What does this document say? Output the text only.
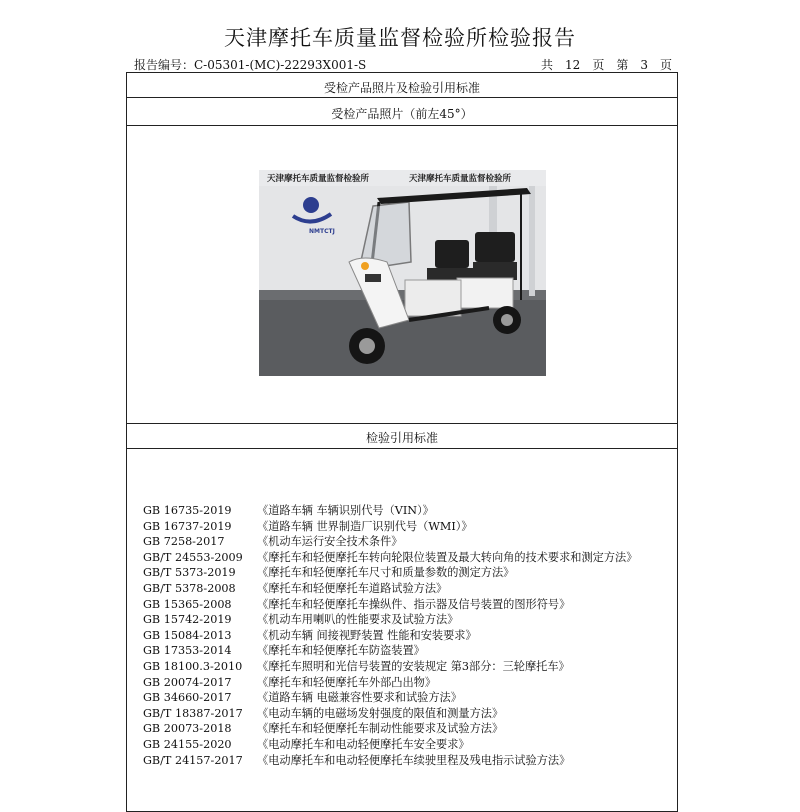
天津摩托车质量监督检验所检验报告
报告编号：C-05301-(MC)-22293X001-S	共 12 页 第 3 页
受检产品照片及检验引用标准
受检产品照片（前左45°）
天津摩托车质量监督检验所	天津摩托车质量监督检验所
NMTCTJ
检验引用标准
GB 16735-2019	《道路车辆 车辆识别代号（VIN）》
GB 16737-2019	《道路车辆 世界制造厂识别代号（WMI）》
GB 7258-2017	《机动车运行安全技术条件》
GB/T 24553-2009	《摩托车和轻便摩托车转向轮限位装置及最大转向角的技术要求和测定方法》
GB/T 5373-2019	《摩托车和轻便摩托车尺寸和质量参数的测定方法》
GB/T 5378-2008	《摩托车和轻便摩托车道路试验方法》
GB 15365-2008	《摩托车和轻便摩托车操纵件、指示器及信号装置的图形符号》
GB 15742-2019	《机动车用喇叭的性能要求及试验方法》
GB 15084-2013	《机动车辆 间接视野装置 性能和安装要求》
GB 17353-2014	《摩托车和轻便摩托车防盗装置》
GB 18100.3-2010	《摩托车照明和光信号装置的安装规定 第3部分：三轮摩托车》
GB 20074-2017	《摩托车和轻便摩托车外部凸出物》
GB 34660-2017	《道路车辆 电磁兼容性要求和试验方法》
GB/T 18387-2017	《电动车辆的电磁场发射强度的限值和测量方法》
GB 20073-2018	《摩托车和轻便摩托车制动性能要求及试验方法》
GB 24155-2020	《电动摩托车和电动轻便摩托车安全要求》
GB/T 24157-2017	《电动摩托车和电动轻便摩托车续驶里程及残电指示试验方法》
